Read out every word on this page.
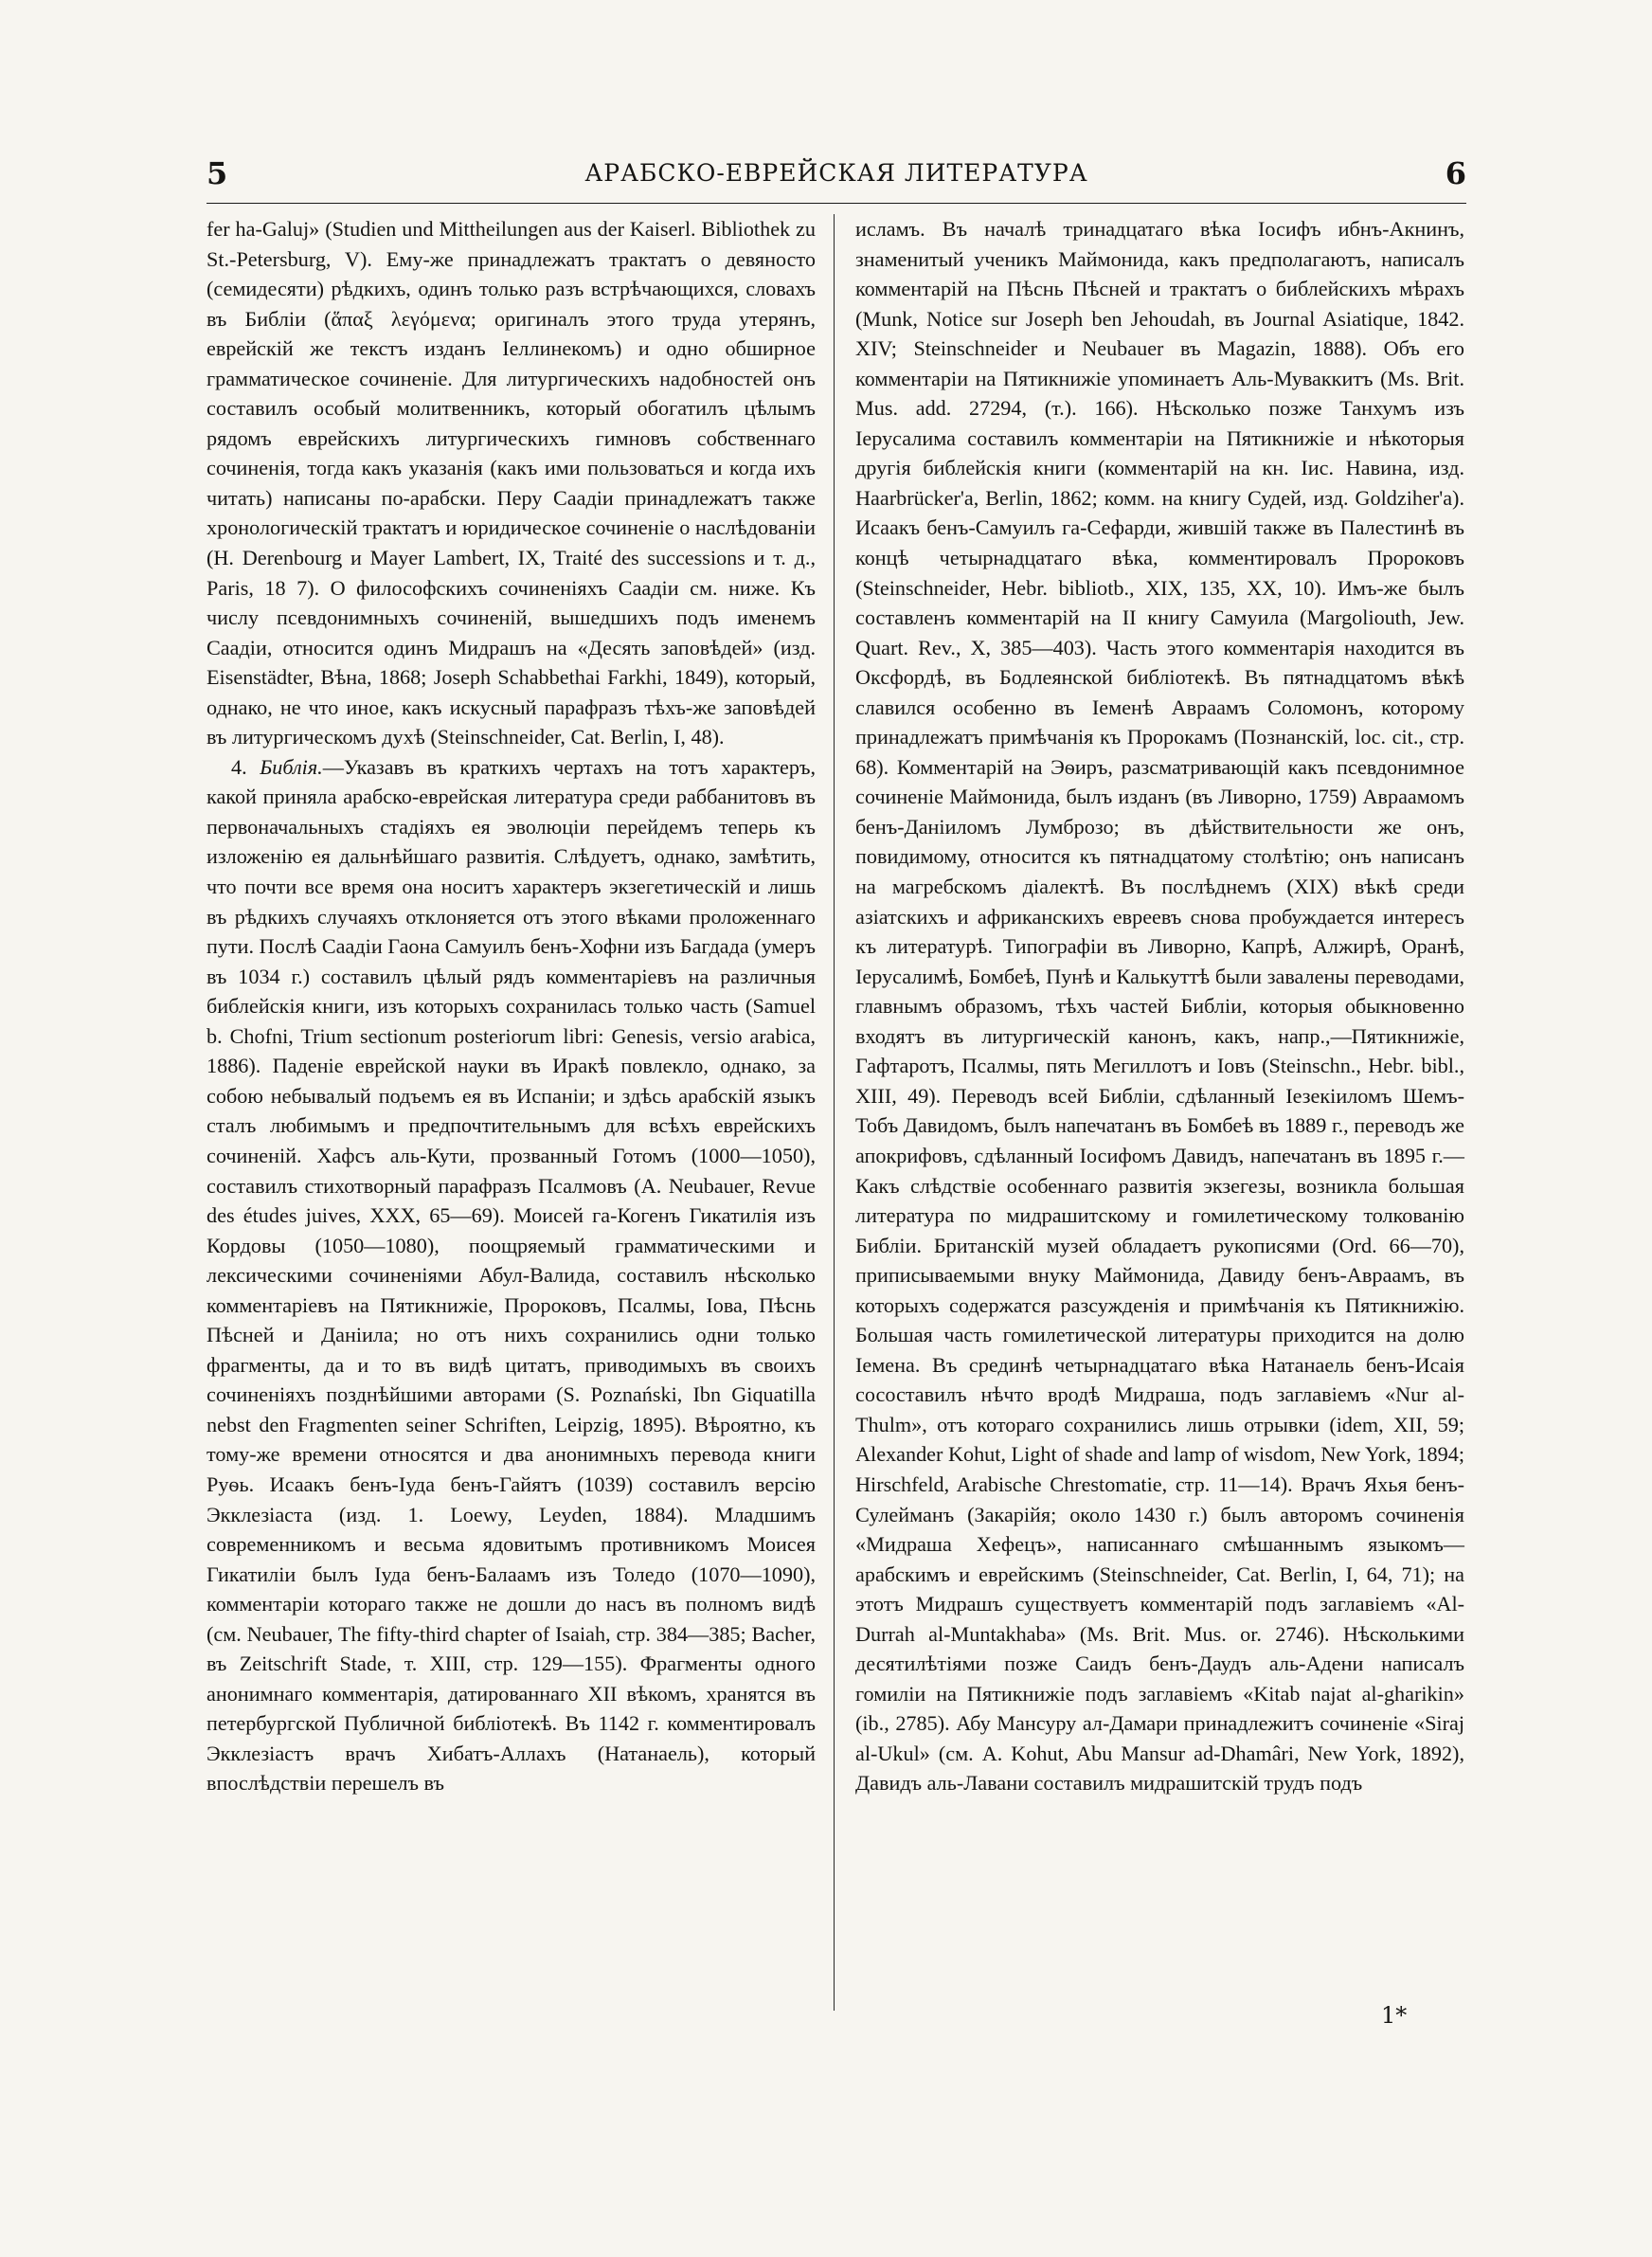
5	АРАБСКО-ЕВРЕЙСКАЯ ЛИТЕРАТУРА	6

fer ha-Galuj» (Studien und Mittheilungen aus der Kaiserl. Bibliothek zu St.-Petersburg, V). Ему-же принадлежатъ трактатъ о девяносто (семидесяти) рѣдкихъ, одинъ только разъ встрѣчающихся, словахъ въ Библіи (ἅπαξ λεγόμενα; оригиналъ этого труда утерянъ, еврейскій же текстъ изданъ Іеллинекомъ) и одно обширное грамматическое сочиненіе. Для литургическихъ надобностей онъ составилъ особый молитвенникъ, который обогатилъ цѣлымъ рядомъ еврейскихъ литургическихъ гимновъ собственнаго сочиненія, тогда какъ указанія (какъ ими пользоваться и когда ихъ читать) написаны по-арабски. Перу Саадіи принадлежатъ также хронологическій трактатъ и юридическое сочиненіе о наслѣдованіи (H. Derenbourg и Mayer Lambert, IX, Traité des successions и т. д., Paris, 18 7). О философскихъ сочиненіяхъ Саадіи см. ниже. Къ числу псевдонимныхъ сочиненій, вышедшихъ подъ именемъ Саадіи, относится одинъ Мидрашъ на «Десять заповѣдей» (изд. Eisenstädter, Вѣна, 1868; Joseph Schabbethai Farkhi, 1849), который, однако, не что иное, какъ искусный парафразъ тѣхъ-же заповѣдей въ литургическомъ духѣ (Steinschneider, Cat. Berlin, I, 48).

4. Библія.—Указавъ въ краткихъ чертахъ на тотъ характеръ, какой приняла арабско-еврейская литература среди раббанитовъ въ первоначальныхъ стадіяхъ ея эволюціи перейдемъ теперь къ изложенію ея дальнѣйшаго развитія. Слѣдуетъ, однако, замѣтить, что почти все время она носитъ характеръ экзегетическій и лишь въ рѣдкихъ случаяхъ отклоняется отъ этого вѣками проложеннаго пути. Послѣ Саадіи Гаона Самуилъ бенъ-Хофни изъ Багдада (умеръ въ 1034 г.) составилъ цѣлый рядъ комментаріевъ на различныя библейскія книги, изъ которыхъ сохранилась только часть (Samuel b. Chofni, Trium sectionum posteriorum libri: Genesis, versio arabica, 1886). Паденіе еврейской науки въ Иракѣ повлекло, однако, за собою небывалый подъемъ ея въ Испаніи; и здѣсь арабскій языкъ сталъ любимымъ и предпочтительнымъ для всѣхъ еврейскихъ сочиненій. Хафсъ аль-Кути, прозванный Готомъ (1000—1050), составилъ стихотворный парафразъ Псалмовъ (A. Neubauer, Revue des études juives, XXX, 65—69). Моисей га-Когенъ Гикатилія изъ Кордовы (1050—1080), поощряемый грамматическими и лексическими сочиненіями Абул-Валида, составилъ нѣсколько комментаріевъ на Пятикнижіе, Пророковъ, Псалмы, Іова, Пѣснь Пѣсней и Даніила; но отъ нихъ сохранились одни только фрагменты, да и то въ видѣ цитатъ, приводимыхъ въ своихъ сочиненіяхъ позднѣйшими авторами (S. Poznański, Ibn Giquatilla nebst den Fragmenten seiner Schriften, Leipzig, 1895). Вѣроятно, къ тому-же времени относятся и два анонимныхъ перевода книги Руѳь. Исаакъ бенъ-Іуда бенъ-Гайятъ (1039) составилъ версію Экклезіаста (изд. 1. Loewy, Leyden, 1884). Младшимъ современникомъ и весьма ядовитымъ противникомъ Моисея Гикатиліи былъ Іуда бенъ-Балаамъ изъ Толедо (1070—1090), комментаріи котораго также не дошли до насъ въ полномъ видѣ (см. Neubauer, The fifty-third chapter of Isaiah, стр. 384—385; Bacher, въ Zeitschrift Stade, т. XIII, стр. 129—155). Фрагменты одного анонимнаго комментарія, датированнаго XII вѣкомъ, хранятся въ петербургской Публичной библіотекѣ. Въ 1142 г. комментировалъ Экклезіастъ врачъ Хибатъ-Аллахъ (Натанаель), который впослѣдствіи перешелъ въ

исламъ. Въ началѣ тринадцатаго вѣка Іосифъ ибнъ-Акнинъ, знаменитый ученикъ Маймонида, какъ предполагаютъ, написалъ комментарій на Пѣснь Пѣсней и трактатъ о библейскихъ мѣрахъ (Munk, Notice sur Joseph ben Jehoudah, въ Journal Asiatique, 1842. XIV; Steinschneider и Neubauer въ Magazin, 1888). Объ его комментаріи на Пятикнижіе упоминаетъ Аль-Муваккитъ (Ms. Brit. Mus. add. 27294, (т.). 166). Нѣсколько позже Танхумъ изъ Іерусалима составилъ комментаріи на Пятикнижіе и нѣкоторыя другія библейскія книги (комментарій на кн. Іис. Навина, изд. Haarbrücker'a, Berlin, 1862; комм. на книгу Судей, изд. Goldziher'a). Исаакъ бенъ-Самуилъ га-Сефарди, жившій также въ Палестинѣ въ концѣ четырнадцатаго вѣка, комментировалъ Пророковъ (Steinschneider, Hebr. bibliotb., XIX, 135, XX, 10). Имъ-же былъ составленъ комментарій на II книгу Самуила (Margoliouth, Jew. Quart. Rev., X, 385—403). Часть этого комментарія находится въ Оксфордѣ, въ Бодлеянской библіотекѣ. Въ пятнадцатомъ вѣкѣ славился особенно въ Іеменѣ Авраамъ Соломонъ, которому принадлежатъ примѣчанія къ Пророкамъ (Познанскій, loc. cit., стр. 68). Комментарій на Эѳиръ, разсматривающій какъ псевдонимное сочиненіе Маймонида, былъ изданъ (въ Ливорно, 1759) Авраамомъ бенъ-Даніиломъ Лумброзо; въ дѣйствительности же онъ, повидимому, относится къ пятнадцатому столѣтію; онъ написанъ на магребскомъ діалектѣ. Въ послѣднемъ (XIX) вѣкѣ среди азіатскихъ и африканскихъ евреевъ снова пробуждается интересъ къ литературѣ. Типографіи въ Ливорно, Капрѣ, Алжирѣ, Оранѣ, Іерусалимѣ, Бомбеѣ, Пунѣ и Калькуттѣ были завалены переводами, главнымъ образомъ, тѣхъ частей Библіи, которыя обыкновенно входятъ въ литургическій канонъ, какъ, напр.,—Пятикнижіе, Гафтаротъ, Псалмы, пять Мегиллотъ и Іовъ (Steinschn., Hebr. bibl., XIII, 49). Переводъ всей Библіи, сдѣланный Іезекіиломъ Шемъ-Тобъ Давидомъ, былъ напечатанъ въ Бомбеѣ въ 1889 г., переводъ же апокрифовъ, сдѣланный Іосифомъ Давидъ, напечатанъ въ 1895 г.—Какъ слѣдствіе особеннаго развитія экзегезы, возникла большая литература по мидрашитскому и гомилетическому толкованію Библіи. Британскій музей обладаетъ рукописями (Ord. 66—70), приписываемыми внуку Маймонида, Давиду бенъ-Авраамъ, въ которыхъ содержатся разсужденія и примѣчанія къ Пятикнижію. Большая часть гомилетической литературы приходится на долю Іемена. Въ срединѣ четырнадцатаго вѣка Натанаель бенъ-Исаія сосоставилъ нѣчто вродѣ Мидраша, подъ заглавіемъ «Nur al-Thulm», отъ котораго сохранились лишь отрывки (idem, XII, 59; Alexander Kohut, Light of shade and lamp of wisdom, New York, 1894; Hirschfeld, Arabische Chrestomatie, стр. 11—14). Врачъ Яхья бенъ-Сулейманъ (Закарійя; около 1430 г.) былъ авторомъ сочиненія «Мидраша Хефецъ», написаннаго смѣшаннымъ языкомъ—арабскимъ и еврейскимъ (Steinschneider, Cat. Berlin, I, 64, 71); на этотъ Мидрашъ существуетъ комментарій подъ заглавіемъ «Al-Durrah al-Muntakhaba» (Ms. Brit. Mus. or. 2746). Нѣсколькими десятилѣтіями позже Саидъ бенъ-Даудъ аль-Адени написалъ гомиліи на Пятикнижіе подъ заглавіемъ «Kitab najat al-gharikin» (ib., 2785). Абу Мансуру ал-Дамари принадлежитъ сочиненіе «Siraj al-Ukul» (см. A. Kohut, Abu Mansur ad-Dhamâri, New York, 1892), Давидъ аль-Лавани составилъ мидрашитскій трудъ подъ

1*
